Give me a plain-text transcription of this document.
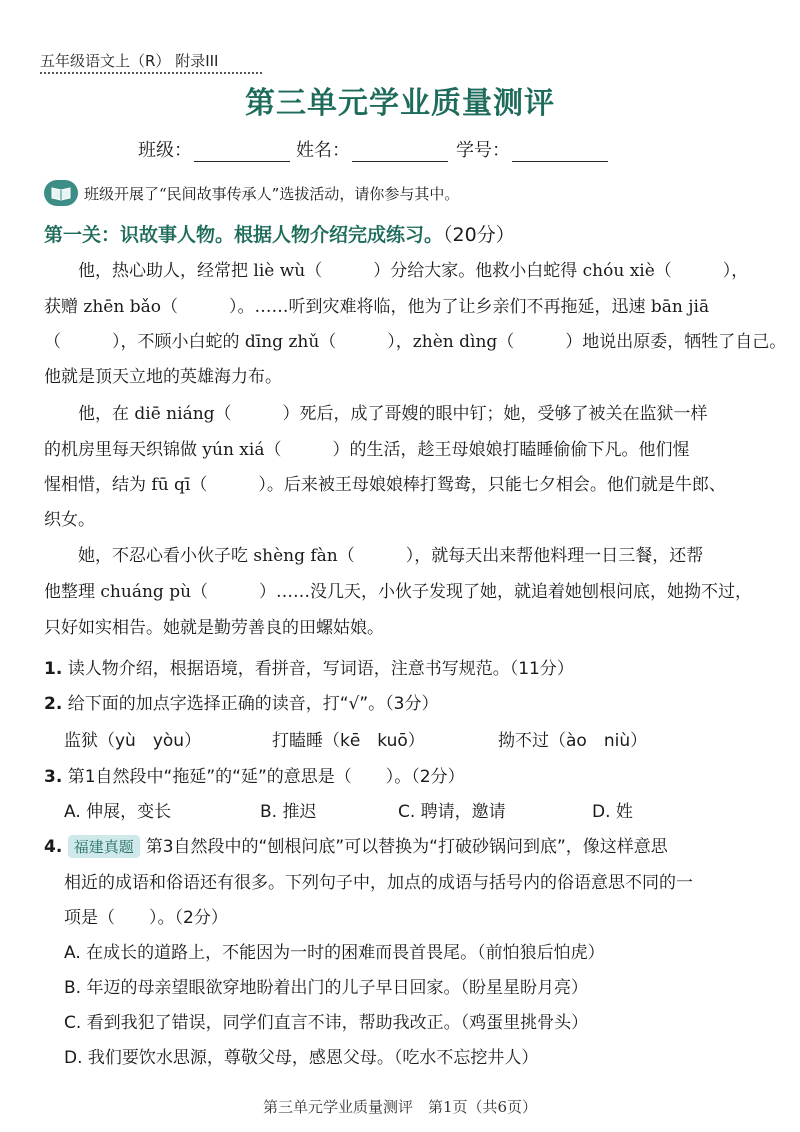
五年级语文上（R） 附录III
第三单元学业质量测评
班级：	姓名：	学号：
班级开展了“民间故事传承人”选拔活动，请你参与其中。
第一关：识故事人物。根据人物介绍完成练习。（20分）
　　他，热心助人，经常把 liè wù（　　　）分给大家。他救小白蛇得 chóu xiè（　　　），
获赠 zhēn bǎo（　　　）。……听到灾难将临，他为了让乡亲们不再拖延，迅速 bān jiā
（　　　），不顾小白蛇的 dīng zhǔ（　　　），zhèn dìng（　　　）地说出原委，牺牲了自己。
他就是顶天立地的英雄海力布。
　　他，在 diē niáng（　　　）死后，成了哥嫂的眼中钉；她，受够了被关在监狱一样
的机房里每天织锦做 yún xiá（　　　）的生活，趁王母娘娘打瞌睡偷偷下凡。他们惺
惺相惜，结为 fū qī（　　　）。后来被王母娘娘棒打鸳鸯，只能七夕相会。他们就是牛郎、
织女。
　　她，不忍心看小伙子吃 shèng fàn（　　　），就每天出来帮他料理一日三餐，还帮
他整理 chuáng pù（　　　）……没几天，小伙子发现了她，就追着她刨根问底，她拗不过，
只好如实相告。她就是勤劳善良的田螺姑娘。
1. 读人物介绍，根据语境，看拼音，写词语，注意书写规范。（11分）
2. 给下面的加点字选择正确的读音，打“√”。（3分）
监狱（yù　yòu）	打瞌睡（kē　kuō）	拗不过（ào　niù）
3. 第1自然段中“拖延”的“延”的意思是（　　）。（2分）
A. 伸展，变长	B. 推迟	C. 聘请，邀请	D. 姓
4. 福建真题 第3自然段中的“刨根问底”可以替换为“打破砂锅问到底”，像这样意思
相近的成语和俗语还有很多。下列句子中，加点的成语与括号内的俗语意思不同的一
项是（　　）。（2分）
A. 在成长的道路上，不能因为一时的困难而畏首畏尾。（前怕狼后怕虎）
B. 年迈的母亲望眼欲穿地盼着出门的儿子早日回家。（盼星星盼月亮）
C. 看到我犯了错误，同学们直言不讳，帮助我改正。（鸡蛋里挑骨头）
D. 我们要饮水思源，尊敬父母，感恩父母。（吃水不忘挖井人）
第三单元学业质量测评　第1页（共6页）
